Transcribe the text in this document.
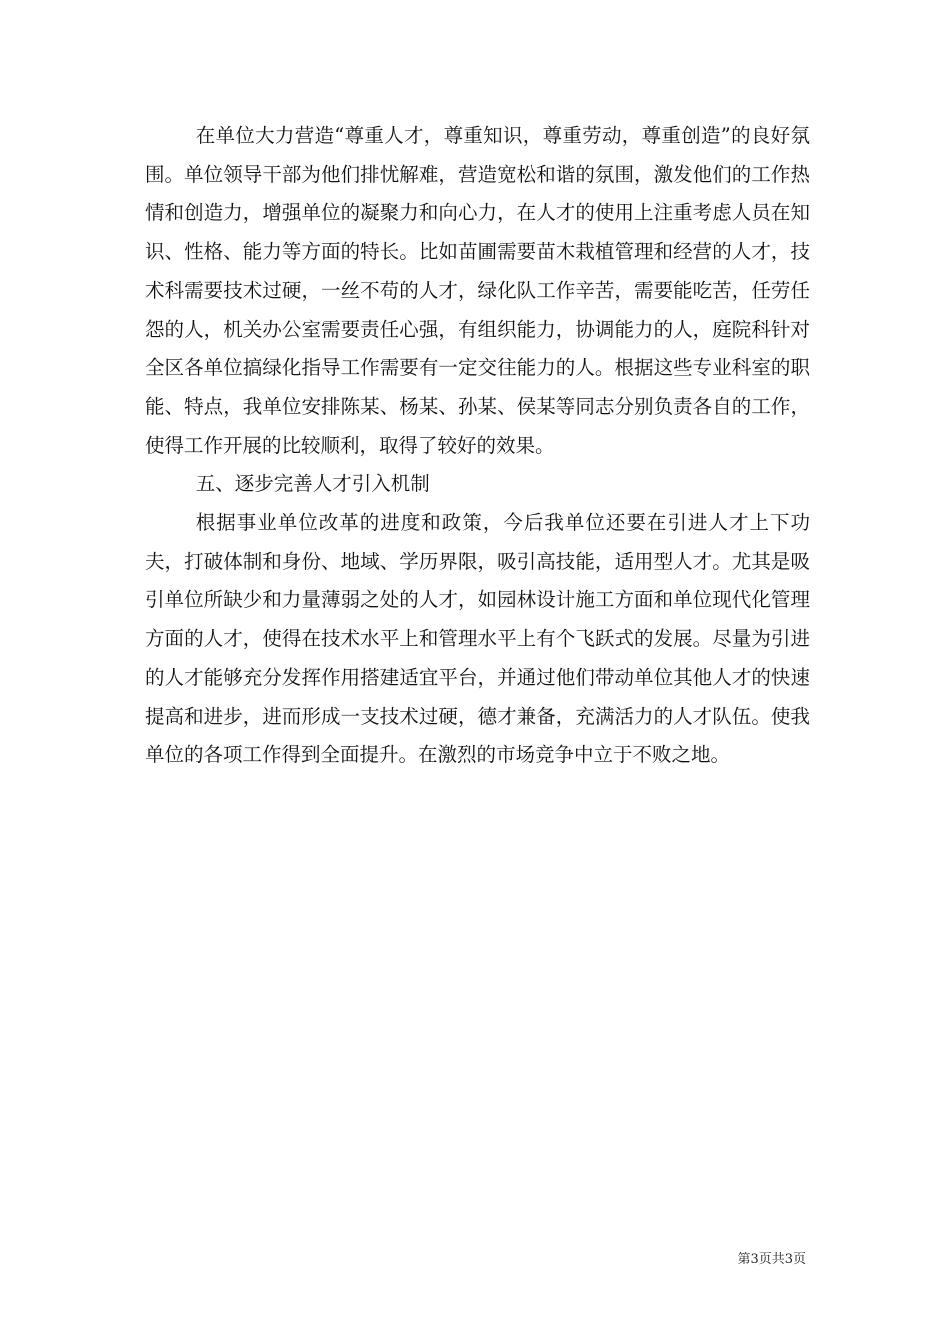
在单位大力营造“尊重人才，尊重知识，尊重劳动，尊重创造”的良好氛围。单位领导干部为他们排忧解难，营造宽松和谐的氛围，激发他们的工作热情和创造力，增强单位的凝聚力和向心力，在人才的使用上注重考虑人员在知识、性格、能力等方面的特长。比如苗圃需要苗木栽植管理和经营的人才，技术科需要技术过硬，一丝不苟的人才，绿化队工作辛苦，需要能吃苦，任劳任怨的人，机关办公室需要责任心强，有组织能力，协调能力的人，庭院科针对全区各单位搞绿化指导工作需要有一定交往能力的人。根据这些专业科室的职能、特点，我单位安排陈某、杨某、孙某、侯某等同志分别负责各自的工作，使得工作开展的比较顺利，取得了较好的效果。

五、逐步完善人才引入机制

根据事业单位改革的进度和政策，今后我单位还要在引进人才上下功夫，打破体制和身份、地域、学历界限，吸引高技能，适用型人才。尤其是吸引单位所缺少和力量薄弱之处的人才，如园林设计施工方面和单位现代化管理方面的人才，使得在技术水平上和管理水平上有个飞跃式的发展。尽量为引进的人才能够充分发挥作用搭建适宜平台，并通过他们带动单位其他人才的快速提高和进步，进而形成一支技术过硬，德才兼备，充满活力的人才队伍。使我单位的各项工作得到全面提升。在激烈的市场竞争中立于不败之地。

第3页共3页
